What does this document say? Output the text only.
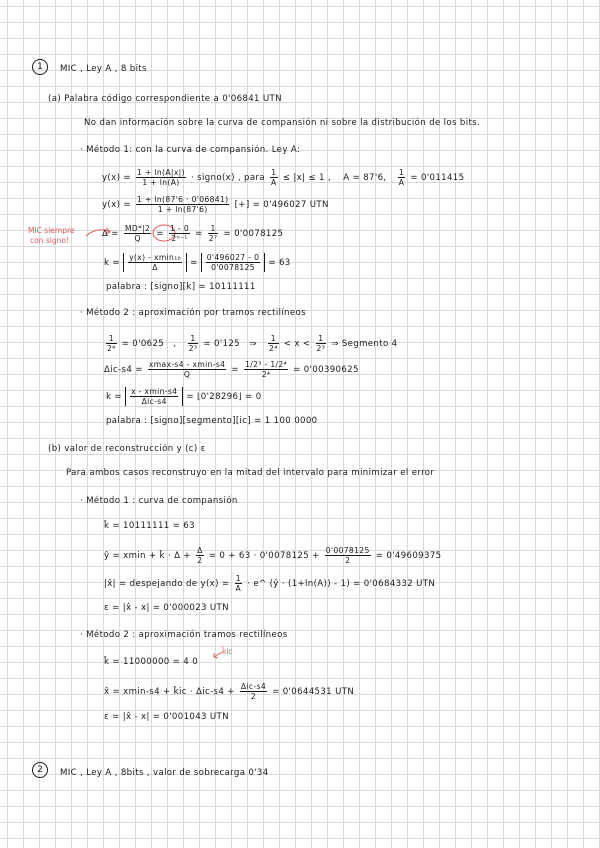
1	MIC , Ley A , 8 bits
(a) Palabra código correspondiente a 0'06841 UTN
No dan información sobre la curva de compansión ni sobre la distribución de los bits.
· Método 1: con la curva de compansión. Ley A:
$y(x) = \frac{1 + \ln(A|x|)}{1 + \ln(A)}$ · signo(x) , para $\frac{1}{A} \le |x| \le 1$ , A = 87'6, $\frac{1}{A} = 0'011415$
$y(x) = \frac{1 + \ln(87'6 \cdot 0'06841)}{1 + \ln(87'6)}$ [+] = 0'496027 UTN
MIC siempre
con signo!
$\Delta = \frac{MD*|2}{Q} = \frac{1 - 0}{\text{2ⁿ⁻¹}} = \frac{1}{\text{2⁷}} = 0'0078125$
$k = \frac{\text{y(x) - xmin₁₀}}{\Delta} = \frac{0'496027 - 0}{0'0078125} = 63$
palabra : [signo][k] = 10111111
· Método 2 : aproximación por tramos rectilíneos
$\frac{1}{\text{2⁴}} = 0'0625$   , $\frac{1}{\text{2³}} = 0'125$ ⇒ $\frac{1}{\text{2⁴}} < x < \frac{1}{\text{2³}}$ ⇒ Segmento 4
$\Delta ic-s4 = \frac{xmax-s4 - xmin-s4}{Q} = \frac{\text{1/2³ - 1/2⁴}}{\text{2⁴}} = 0'00390625$
$k = \frac{x - xmin-s4}{\text{Δic-s4}}$ = ⌊0'28296⌋ = 0
palabra : [signo][segmento][ic] = 1 100 0000
(b) valor de reconstrucción y (c) ε
Para ambos casos reconstruyo en la mitad del intervalo para minimizar el error
· Método 1 : curva de compansión
k̂ = 10111111 = 63
ŷ = xmin + k̂ · $\Delta + \frac{\Delta}{2} = 0 + 63 \cdot 0'0078125 + \frac{0'0078125}{2} = 0'49609375$
|x̂| = despejando de $y(x) = \frac{1}{A}$ · e^ (ŷ · (1+ln(A)) - 1) = 0'0684332 UTN
ε = |x̂ - x| = 0'000023 UTN
· Método 2 : aproximación tramos rectilíneos
k̂ = 11000000 = 4 0
k̂ic
x̂ = xmin-s4 + k̂ic · $\Delta ic-s4 + \frac{\text{Δic-s4}}{2} = 0'0644531$ UTN
ε = |x̂ - x| = 0'001043 UTN
2	MIC , Ley A , 8bits , valor de sobrecarga 0'34
